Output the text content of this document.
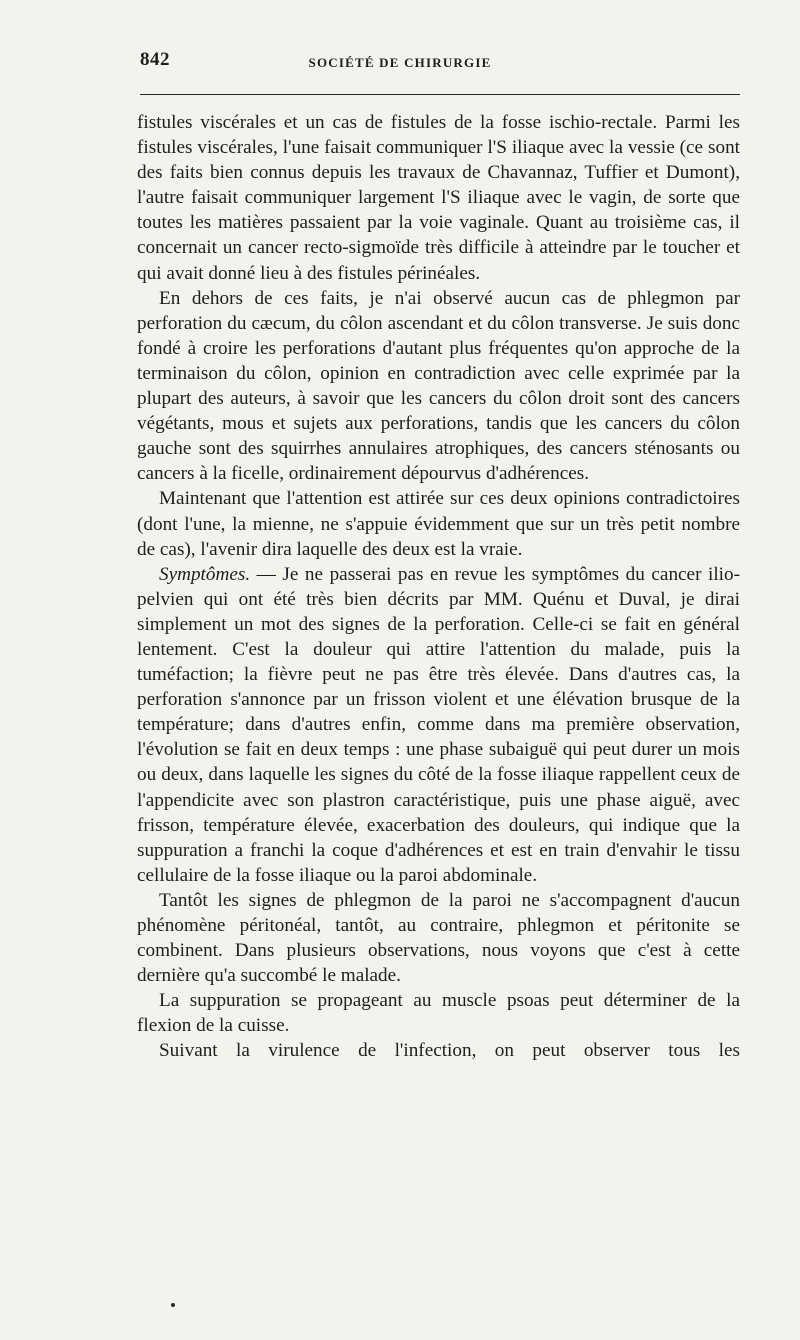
842	SOCIÉTÉ DE CHIRURGIE

fistules viscérales et un cas de fistules de la fosse ischio-rectale. Parmi les fistules viscérales, l'une faisait communiquer l'S iliaque avec la vessie (ce sont des faits bien connus depuis les travaux de Chavannaz, Tuffier et Dumont), l'autre faisait communiquer largement l'S iliaque avec le vagin, de sorte que toutes les matières passaient par la voie vaginale. Quant au troisième cas, il concernait un cancer recto-sigmoïde très difficile à atteindre par le toucher et qui avait donné lieu à des fistules périnéales.

En dehors de ces faits, je n'ai observé aucun cas de phlegmon par perforation du cæcum, du côlon ascendant et du côlon transverse. Je suis donc fondé à croire les perforations d'autant plus fréquentes qu'on approche de la terminaison du côlon, opinion en contradiction avec celle exprimée par la plupart des auteurs, à savoir que les cancers du côlon droit sont des cancers végétants, mous et sujets aux perforations, tandis que les cancers du côlon gauche sont des squirrhes annulaires atrophiques, des cancers sténosants ou cancers à la ficelle, ordinairement dépourvus d'adhérences.

Maintenant que l'attention est attirée sur ces deux opinions contradictoires (dont l'une, la mienne, ne s'appuie évidemment que sur un très petit nombre de cas), l'avenir dira laquelle des deux est la vraie.

Symptômes. — Je ne passerai pas en revue les symptômes du cancer ilio-pelvien qui ont été très bien décrits par MM. Quénu et Duval, je dirai simplement un mot des signes de la perforation. Celle-ci se fait en général lentement. C'est la douleur qui attire l'attention du malade, puis la tuméfaction; la fièvre peut ne pas être très élevée. Dans d'autres cas, la perforation s'annonce par un frisson violent et une élévation brusque de la température; dans d'autres enfin, comme dans ma première observation, l'évolution se fait en deux temps : une phase subaiguë qui peut durer un mois ou deux, dans laquelle les signes du côté de la fosse iliaque rappellent ceux de l'appendicite avec son plastron caractéristique, puis une phase aiguë, avec frisson, température élevée, exacerbation des douleurs, qui indique que la suppuration a franchi la coque d'adhérences et est en train d'envahir le tissu cellulaire de la fosse iliaque ou la paroi abdominale.

Tantôt les signes de phlegmon de la paroi ne s'accompagnent d'aucun phénomène péritonéal, tantôt, au contraire, phlegmon et péritonite se combinent. Dans plusieurs observations, nous voyons que c'est à cette dernière qu'a succombé le malade.

La suppuration se propageant au muscle psoas peut déterminer de la flexion de la cuisse.

Suivant la virulence de l'infection, on peut observer tous les
